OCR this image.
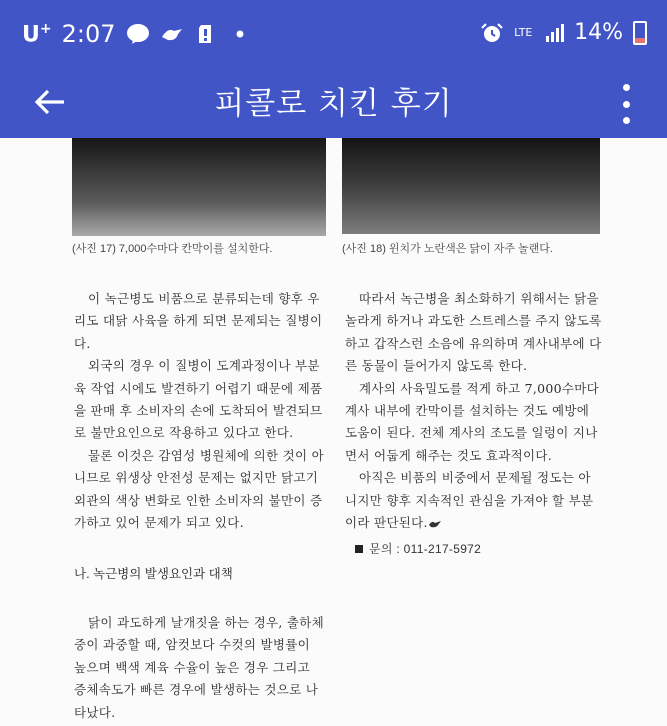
U+ 2:07	LTE 14%
피콜로 치킨 후기
(사진 17) 7,000수마다 칸막이를 설치한다.	(사진 18) 윈치가 노란색은 닭이 자주 놀랜다.

이 녹근병도 비품으로 분류되는데 향후 우리도 대닭 사육을 하게 되면 문제되는 질병이다.

외국의 경우 이 질병이 도계과정이나 부분육 작업 시에도 발견하기 어렵기 때문에 제품을 판매 후 소비자의 손에 도착되어 발견되므로 불만요인으로 작용하고 있다고 한다.

물론 이것은 감염성 병원체에 의한 것이 아니므로 위생상 안전성 문제는 없지만 닭고기 외관의 색상 변화로 인한 소비자의 불만이 증가하고 있어 문제가 되고 있다.

나. 녹근병의 발생요인과 대책

닭이 과도하게 날개짓을 하는 경우, 출하체중이 과중할 때, 암컷보다 수컷의 발병률이 높으며 백색 계육 수율이 높은 경우 그리고 증체속도가 빠른 경우에 발생하는 것으로 나타났다.

따라서 녹근병을 최소화하기 위해서는 닭을 놀라게 하거나 과도한 스트레스를 주지 않도록 하고 갑작스런 소음에 유의하며 계사내부에 다른 동물이 들어가지 않도록 한다.

계사의 사육밀도를 적게 하고 7,000수마다 계사 내부에 칸막이를 설치하는 것도 예방에 도움이 된다. 전체 계사의 조도를 일렁이 지나면서 어둡게 해주는 것도 효과적이다.

아직은 비품의 비중에서 문제될 정도는 아니지만 향후 지속적인 관심을 가져야 할 부분이라 판단된다.

문의 : 011-217-5972
